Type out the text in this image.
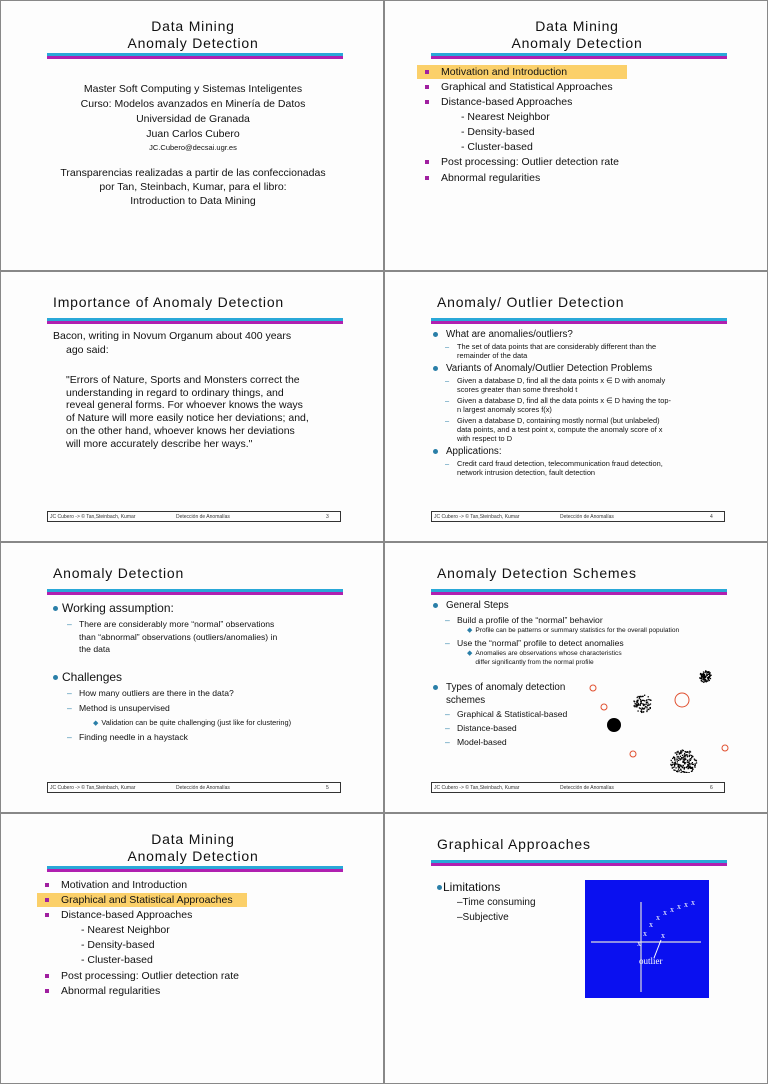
Data Mining
Anomaly Detection
Master Soft Computing y Sistemas Inteligentes
Curso: Modelos avanzados en Minería de Datos
Universidad de Granada
Juan Carlos Cubero
JC.Cubero@decsai.ugr.es
Transparencias realizadas a partir de las confeccionadas
por Tan, Steinbach, Kumar, para el libro:
Introduction to Data Mining
Data Mining
Anomaly Detection
Motivation and Introduction
Graphical and Statistical Approaches
Distance-based Approaches
- Nearest Neighbor
- Density-based
- Cluster-based
Post processing: Outlier detection rate
Abnormal regularities
Importance of Anomaly Detection
Bacon, writing in Novum Organum about 400 years
ago said:
"Errors of Nature, Sports and Monsters correct the
understanding in regard to ordinary things, and
reveal general forms. For whoever knows the ways
of Nature will more easily notice her deviations; and,
on the other hand, whoever knows her deviations
will more accurately describe her ways."
JC Cubero -> © Tan,Steinbach, Kumar	Detección de Anomalías	3
Anomaly/ Outlier Detection
What are anomalies/outliers?
–	The set of data points that are considerably different than the
remainder of the data
Variants of Anomaly/Outlier Detection Problems
–	Given a database D, find all the data points x ∈ D with anomaly
scores greater than some threshold t
–	Given a database D, find all the data points x ∈ D having the top-
n largest anomaly scores f(x)
–	Given a database D, containing mostly normal (but unlabeled)
data points, and a test point x, compute the anomaly score of x
with respect to D
Applications:
–	Credit card fraud detection, telecommunication fraud detection,
network intrusion detection, fault detection
JC Cubero -> © Tan,Steinbach, Kumar	Detección de Anomalías	4
Anomaly Detection
Working assumption:
– There are considerably more “normal” observations
than “abnormal” observations (outliers/anomalies) in
the data
Challenges
– How many outliers are there in the data?
– Method is unsupervised
◆ Validation can be quite challenging (just like for clustering)
– Finding needle in a haystack
JC Cubero -> © Tan,Steinbach, Kumar	Detección de Anomalías	5
Anomaly Detection Schemes
General Steps
– Build a profile of the “normal” behavior
◆ Profile can be patterns or summary statistics for the overall population
– Use the “normal” profile to detect anomalies
◆ Anomalies are observations whose characteristics
differ significantly from the normal profile
Types of anomaly detection
schemes
– Graphical & Statistical-based
– Distance-based
– Model-based
JC Cubero -> © Tan,Steinbach, Kumar	Detección de Anomalías	6
Data Mining
Anomaly Detection
Motivation and Introduction
Graphical and Statistical Approaches
Distance-based Approaches
- Nearest Neighbor
- Density-based
- Cluster-based
Post processing: Outlier detection rate
Abnormal regularities
Graphical Approaches
Limitations
–Time consuming
–Subjective
x
x
x
x
x x x x x
x
outlier
